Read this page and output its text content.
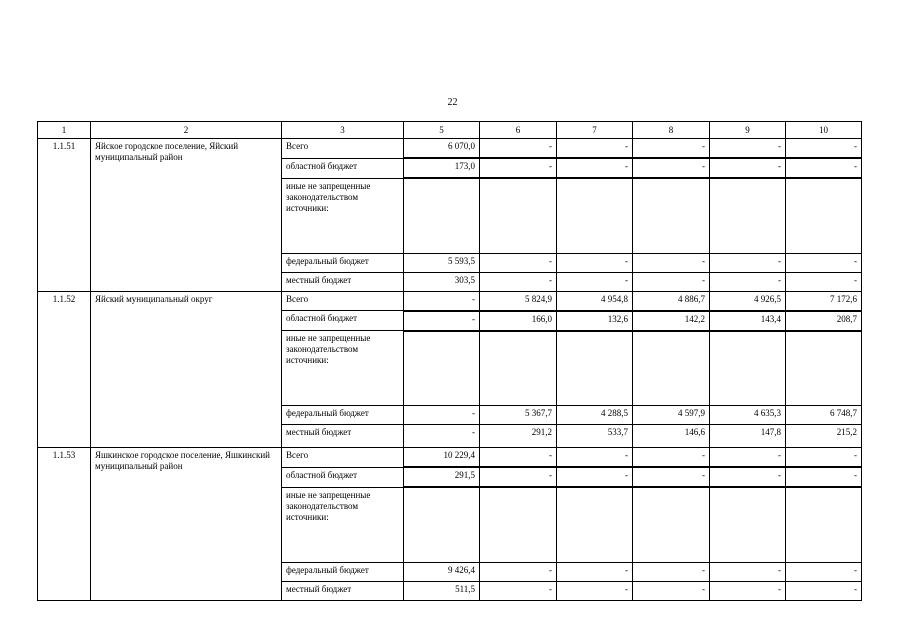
22
1	2	3	5	6	7	8	9	10
1.1.51	Яйскoe городское поселение, Яйский муниципальный район	Всего	6 070,0	-	-	-	-	-
		областной бюджет	173,0	-	-	-	-	-
		иные не запрещенные законодательством источники:						
		федеральный бюджет	5 593,5	-	-	-	-	-
		местный бюджет	303,5	-	-	-	-	-
1.1.52	Яйский муниципальный округ	Всего	-	5 824,9	4 954,8	4 886,7	4 926,5	7 172,6
		областной бюджет	-	166,0	132,6	142,2	143,4	208,7
		иные не запрещенные законодательством источники:						
		федеральный бюджет	-	5 367,7	4 288,5	4 597,9	4 635,3	6 748,7
		местный бюджет	-	291,2	533,7	146,6	147,8	215,2
1.1.53	Яшкинское городское поселение, Яшкинский муниципальный район	Всего	10 229,4	-	-	-	-	-
		областной бюджет	291,5	-	-	-	-	-
		иные не запрещенные законодательством источники:						
		федеральный бюджет	9 426,4	-	-	-	-	-
		местный бюджет	511,5	-	-	-	-	-
